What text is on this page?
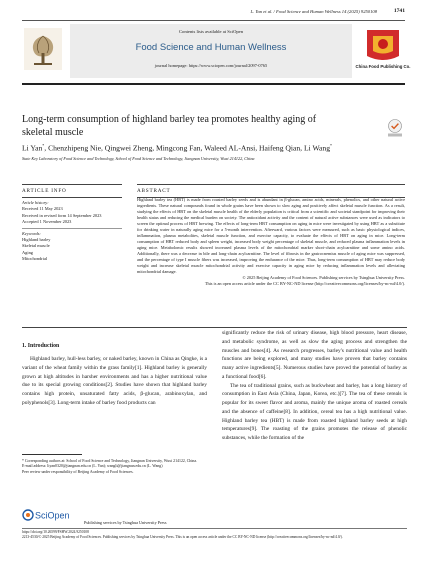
L. Yan et al. / Food Science and Human Wellness 14 (2025) 9250108	1741
Contents lists available at SciOpen
Food Science and Human Wellness
journal homepage: https://www.sciopen.com/journal/2097-0765	China Food Publishing Co.
Long-term consumption of highland barley tea promotes healthy aging of skeletal muscle
Li Yan*, Chenzhipeng Nie, Qingwei Zheng, Mingcong Fan, Waleed AL-Ansi, Haifeng Qian, Li Wang*
State Key Laboratory of Food Science and Technology, School of Food Science and Technology, Jiangnan University, Wuxi 214122, China
ARTICLE INFO
Article history:
Received 11 May 2023
Received in revised form 14 September 2023
Accepted 1 November 2023
Keywords:
Highland barley
Skeletal muscle
Aging
Mitochondrial
ABSTRACT
Highland barley tea (HBT) is made from roasted barley seeds and is abundant in β-glucan, amino acids, minerals, phenolics, and other natural active ingredients. These natural compounds found in whole grains have been shown to slow aging and positively affect skeletal muscle function. As a result, studying the effects of HBT on the skeletal muscle health of the elderly population is critical from a scientific and societal standpoint for improving their health status and reducing the medical burden on society. The antioxidant activity and the content of natural active substances were used as indicators to screen the optimal process of HBT brewing. The effects of long-term HBT consumption on aging in mice were investigated by using HBT as a substitute for drinking water in naturally aging mice for a 5-month intervention. Afterward, various factors were measured, such as basic physiological indices, inflammation, plasma metabolites, skeletal muscle function, and exercise capacity, to evaluate the effects of HBT on aging in mice. Long-term consumption of HBT reduced body and spleen weight, increased body weight percentage of skeletal muscle, and reduced plasma inflammation levels in aging mice. Metabolomic results showed increased plasma levels of the mitochondrial marker short-chain acylcarnitine and some amino acids. Additionally, there was a decrease in bile and long-chain acylcarnitine. The level of fibrosis in the gastrocnemius muscle of aging mice was suppressed, and the percentage of type I muscle fibers was increased, improving the endurance of the mice. Thus, long-term consumption of HBT may reduce body weight and increase skeletal muscle mitochondrial activity and exercise capacity in aging mice by reducing inflammation levels and alleviating mitochondrial damage.
© 2025 Beijing Academy of Food Sciences. Publishing services by Tsinghua University Press.
This is an open access article under the CC BY-NC-ND license (http://creativecommons.org/licenses/by-nc-nd/4.0/).
1. Introduction
Highland barley, hull-less barley, or naked barley, known in China as Qingke, is a variant of the wheat family within the grass family[1]. Highland barley is generally grown at high altitudes in harsher environments and has a higher nutritional value due to its special growing conditions[2]. Studies have shown that highland barley contains high protein, unsaturated fatty acids, β-glucan, arabinoxylan, and polyphenols[3]. Long-term intake of barley food products can

significantly reduce the risk of urinary disease, high blood pressure, heart disease, and metabolic syndrome, as well as slow the aging process and strengthen the muscles and bones[4]. As research progresses, barley's nutritional value and health functions are being explored, and many studies have proven that barley contains many active ingredients[5]. Numerous studies have proved the potential of barley as a functional food[6].

The tea of traditional grains, such as buckwheat and barley, has a long history of consumption in East Asia (China, Japan, Korea, etc.)[7]. The tea of these cereals is popular for its sweet flavor and aroma, mainly the unique aroma of roasted cereals and the absence of caffeine[8]. In addition, cereal tea has a high nutritional value. Highland barley tea (HBT) is made from roasted highland barley seeds at high temperatures[9]. The roasting of the grains promotes the release of phenolic substances, while the formation of the

* Corresponding authors at: School of Food Science and Technology, Jiangnan University, Wuxi 214122, China.
E-mail address: liyan0320@jiangnan.edu.cn (L. Yan); wangli@jiangnan.edu.cn (L. Wang)
Peer review under responsibility of Beijing Academy of Food Sciences.
SciOpen
Publishing services by Tsinghua University Press
https://doi.org/10.26599/FSHW.2024.9250108
2213-4530/© 2025 Beijing Academy of Food Sciences. Publishing services by Tsinghua University Press. This is an open access article under the CC BY-NC-ND license (http://creativecommons.org/licenses/by-nc-nd/4.0/).
